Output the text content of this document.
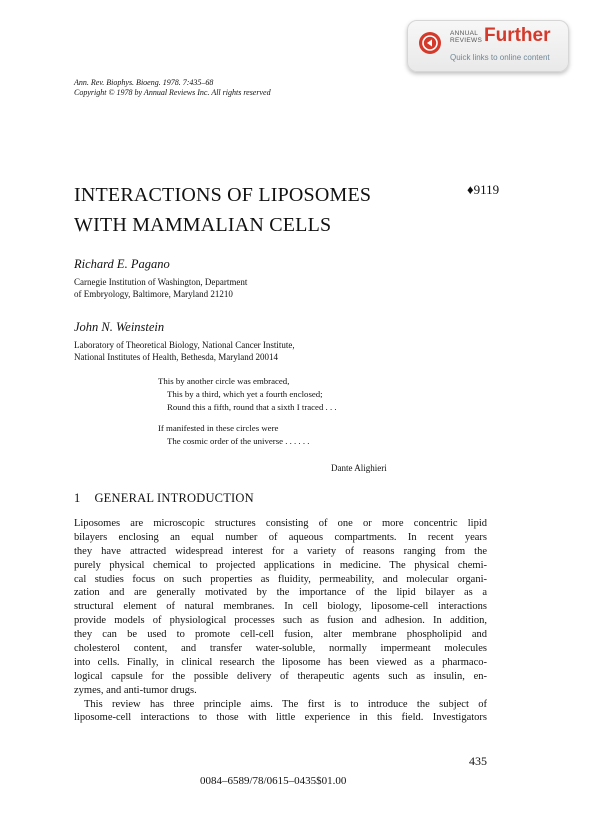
ANNUAL
REVIEWS Further
Quick links to online content
Ann. Rev. Biophys. Bioeng. 1978. 7:435–68
Copyright © 1978 by Annual Reviews Inc. All rights reserved
INTERACTIONS OF LIPOSOMES
WITH MAMMALIAN CELLS
♦9119
Richard E. Pagano
Carnegie Institution of Washington, Department
of Embryology, Baltimore, Maryland 21210
John N. Weinstein
Laboratory of Theoretical Biology, National Cancer Institute,
National Institutes of Health, Bethesda, Maryland 20014
This by another circle was embraced,
This by a third, which yet a fourth enclosed;
Round this a fifth, round that a sixth I traced . . .
If manifested in these circles were
The cosmic order of the universe . . . . . .
Dante Alighieri
1 GENERAL INTRODUCTION
Liposomes are microscopic structures consisting of one or more concentric lipid
bilayers enclosing an equal number of aqueous compartments. In recent years
they have attracted widespread interest for a variety of reasons ranging from the
purely physical chemical to projected applications in medicine. The physical chemi-
cal studies focus on such properties as fluidity, permeability, and molecular organi-
zation and are generally motivated by the importance of the lipid bilayer as a
structural element of natural membranes. In cell biology, liposome-cell interactions
provide models of physiological processes such as fusion and adhesion. In addition,
they can be used to promote cell-cell fusion, alter membrane phospholipid and
cholesterol content, and transfer water-soluble, normally impermeant molecules
into cells. Finally, in clinical research the liposome has been viewed as a pharmaco-
logical capsule for the possible delivery of therapeutic agents such as insulin, en-
zymes, and anti-tumor drugs.
This review has three principle aims. The first is to introduce the subject of
liposome-cell interactions to those with little experience in this field. Investigators
435
0084–6589/78/0615–0435$01.00
